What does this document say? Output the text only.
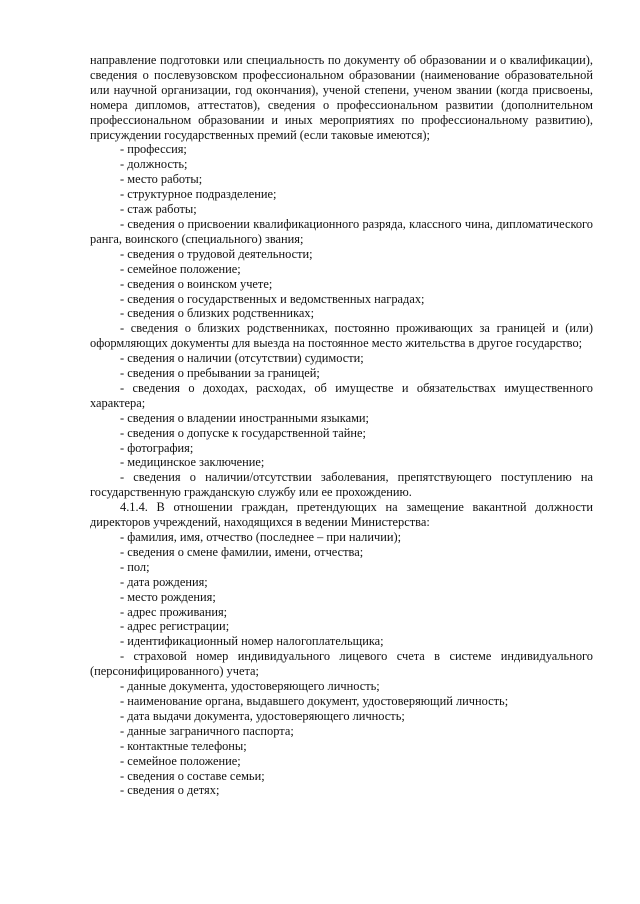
направление подготовки или специальность по документу об образовании и о квалификации), сведения о послевузовском профессиональном образовании (наименование образовательной или научной организации, год окончания), ученой степени, ученом звании (когда присвоены, номера дипломов, аттестатов), сведения о профессиональном развитии (дополнительном профессиональном образовании и иных мероприятиях по профессиональному развитию), присуждении государственных премий (если таковые имеются);

- профессия;

- должность;

- место работы;

- структурное подразделение;

- стаж работы;

- сведения о присвоении квалификационного разряда, классного чина, дипломатического ранга, воинского (специального) звания;

- сведения о трудовой деятельности;

- семейное положение;

- сведения о воинском учете;

- сведения о государственных и ведомственных наградах;

- сведения о близких родственниках;

- сведения о близких родственниках, постоянно проживающих за границей и (или) оформляющих документы для выезда на постоянное место жительства в другое государство;

- сведения о наличии (отсутствии) судимости;

- сведения о пребывании за границей;

- сведения о доходах, расходах, об имуществе и обязательствах имущественного характера;

- сведения о владении иностранными языками;

- сведения о допуске к государственной тайне;

- фотография;

- медицинское заключение;

- сведения о наличии/отсутствии заболевания, препятствующего поступлению на государственную гражданскую службу или ее прохождению.

4.1.4. В отношении граждан, претендующих на замещение вакантной должности директоров учреждений, находящихся в ведении Министерства:

- фамилия, имя, отчество (последнее – при наличии);

- сведения о смене фамилии, имени, отчества;

- пол;

- дата рождения;

- место рождения;

- адрес проживания;

- адрес регистрации;

- идентификационный номер налогоплательщика;

- страховой номер индивидуального лицевого счета в системе индивидуального (персонифицированного) учета;

- данные документа, удостоверяющего личность;

- наименование органа, выдавшего документ, удостоверяющий личность;

- дата выдачи документа, удостоверяющего личность;

- данные заграничного паспорта;

- контактные телефоны;

- семейное положение;

- сведения о составе семьи;

- сведения о детях;
